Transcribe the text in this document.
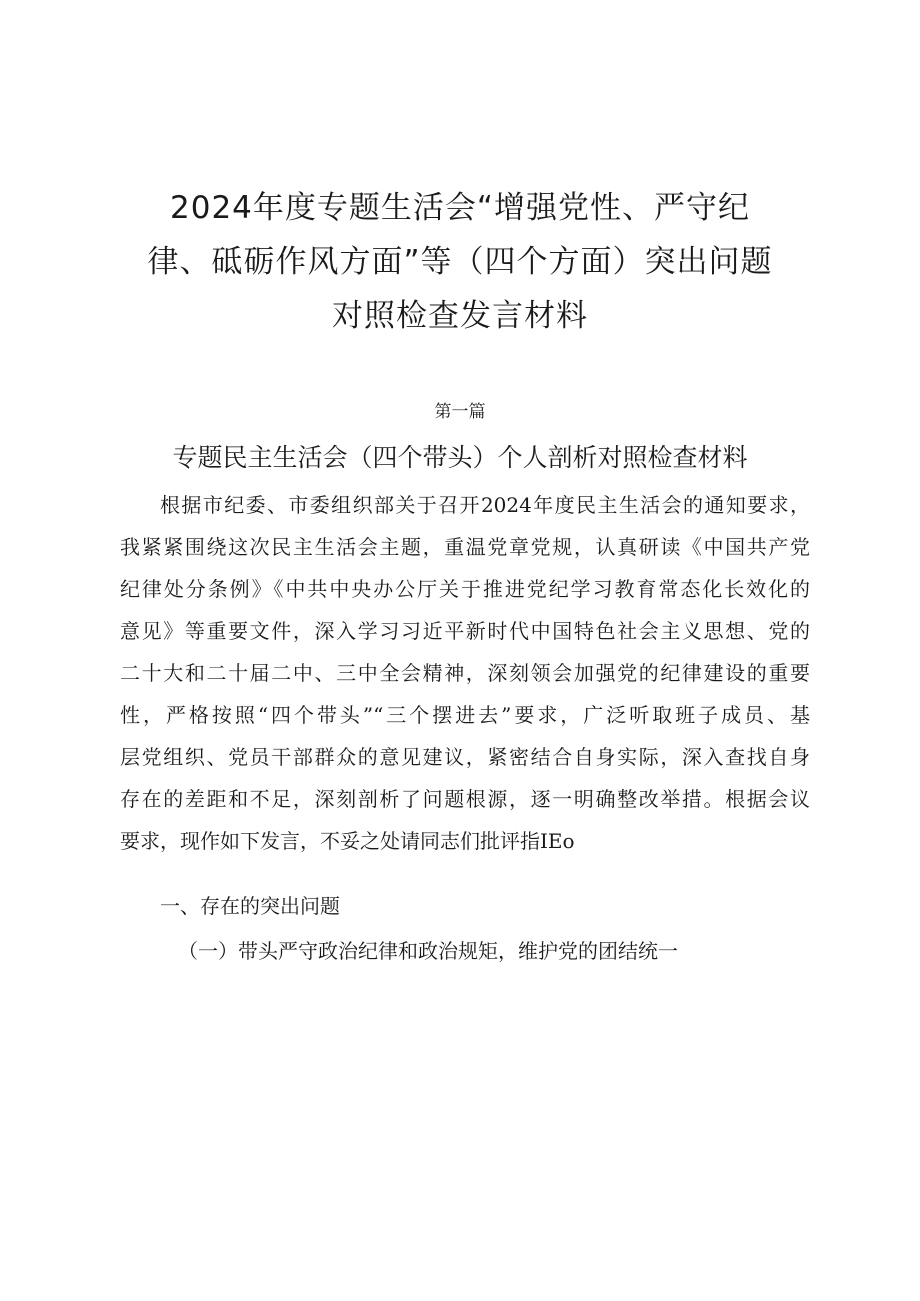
2024年度专题生活会“增强党性、严守纪
律、砥砺作风方面”等（四个方面）突出问题
对照检查发言材料
第一篇
专题民主生活会（四个带头）个人剖析对照检查材料
根据市纪委、市委组织部关于召开2024年度民主生活会的通知要求，
我紧紧围绕这次民主生活会主题，重温党章党规，认真研读《中国共产党
纪律处分条例》《中共中央办公厅关于推进党纪学习教育常态化长效化的
意见》等重要文件，深入学习习近平新时代中国特色社会主义思想、党的
二十大和二十届二中、三中全会精神，深刻领会加强党的纪律建设的重要
性，严格按照“四个带头”“三个摆进去”要求，广泛听取班子成员、基
层党组织、党员干部群众的意见建议，紧密结合自身实际，深入查找自身
存在的差距和不足，深刻剖析了问题根源，逐一明确整改举措。根据会议
要求，现作如下发言，不妥之处请同志们批评指IEo
一、存在的突出问题
（一）带头严守政治纪律和政治规矩，维护党的团结统一
